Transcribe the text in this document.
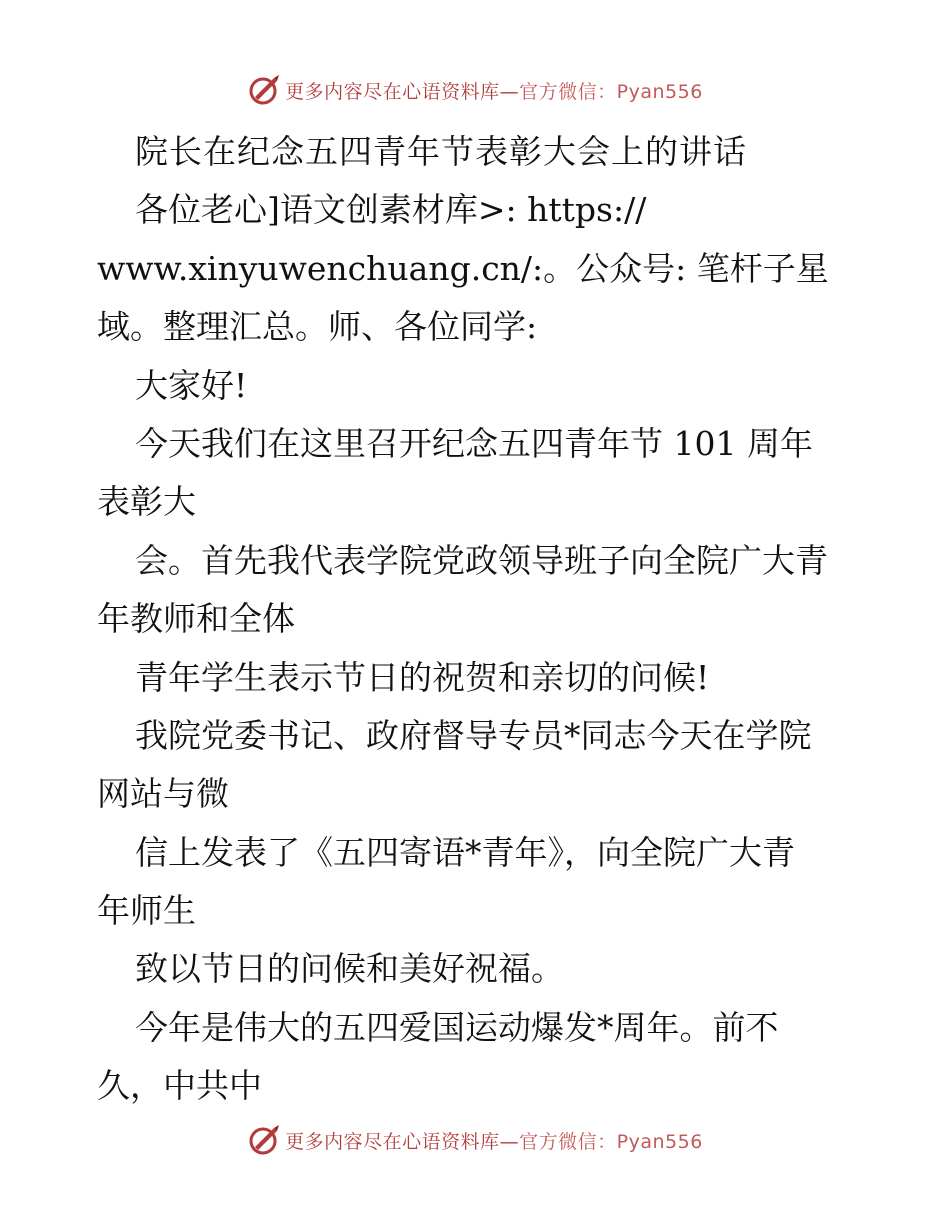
更多内容尽在心语资料库—官方微信：Pyan556
院长在纪念五四青年节表彰大会上的讲话
各位老心]语文创素材库>: https://
www.xinyuwenchuang.cn/:。公众号: 笔杆子星
域。整理汇总。师、各位同学:
大家好!
今天我们在这里召开纪念五四青年节 101 周年
表彰大
会。首先我代表学院党政领导班子向全院广大青
年教师和全体
青年学生表示节日的祝贺和亲切的问候!
我院党委书记、政府督导专员*同志今天在学院
网站与微
信上发表了《五四寄语*青年》，向全院广大青
年师生
致以节日的问候和美好祝福。
今年是伟大的五四爱国运动爆发*周年。前不
久，中共中
更多内容尽在心语资料库—官方微信：Pyan556
